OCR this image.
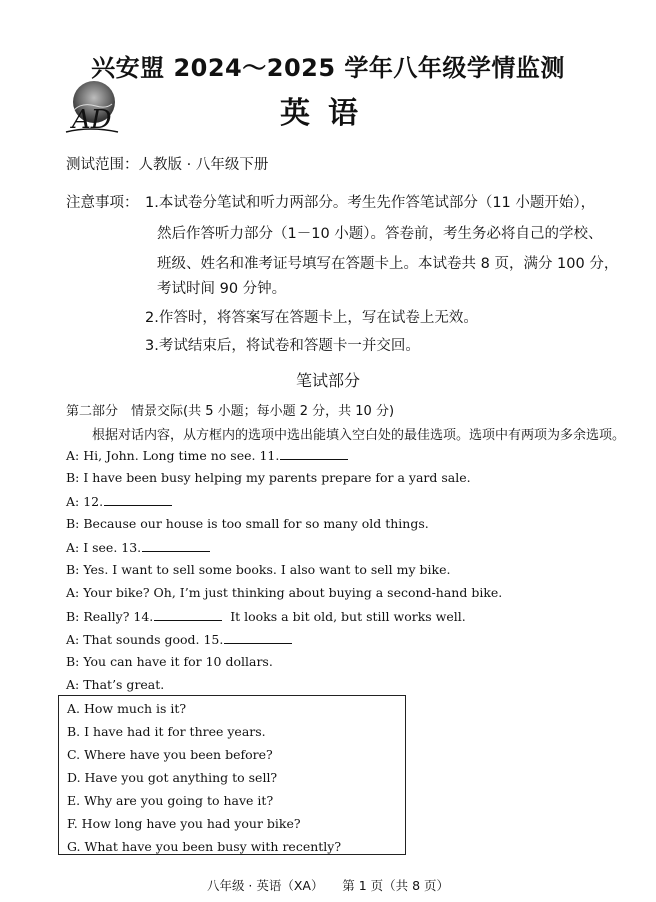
AD
兴安盟 2024～2025 学年八年级学情监测
英语
测试范围：人教版 · 八年级下册
注意事项： 1.本试卷分笔试和听力两部分。考生先作答笔试部分（11 小题开始），
然后作答听力部分（1－10 小题）。答卷前，考生务必将自己的学校、
班级、姓名和准考证号填写在答题卡上。本试卷共 8 页，满分 100 分，
考试时间 90 分钟。
2.作答时，将答案写在答题卡上，写在试卷上无效。
3.考试结束后，将试卷和答题卡一并交回。
笔试部分
第二部分　情景交际(共 5 小题；每小题 2 分，共 10 分)
根据对话内容，从方框内的选项中选出能填入空白处的最佳选项。选项中有两项为多余选项。
A: Hi, John. Long time no see. 11.
B: I have been busy helping my parents prepare for a yard sale.
A: 12.
B: Because our house is too small for so many old things.
A: I see. 13.
B: Yes. I want to sell some books. I also want to sell my bike.
A: Your bike? Oh, I’m just thinking about buying a second-hand bike.
B: Really? 14.	It looks a bit old, but still works well.
A: That sounds good. 15.
B: You can have it for 10 dollars.
A: That’s great.
A. How much is it?
B. I have had it for three years.
C. Where have you been before?
D. Have you got anything to sell?
E. Why are you going to have it?
F. How long have you had your bike?
G. What have you been busy with recently?
八年级 · 英语（XA）　　第 1 页（共 8 页）
